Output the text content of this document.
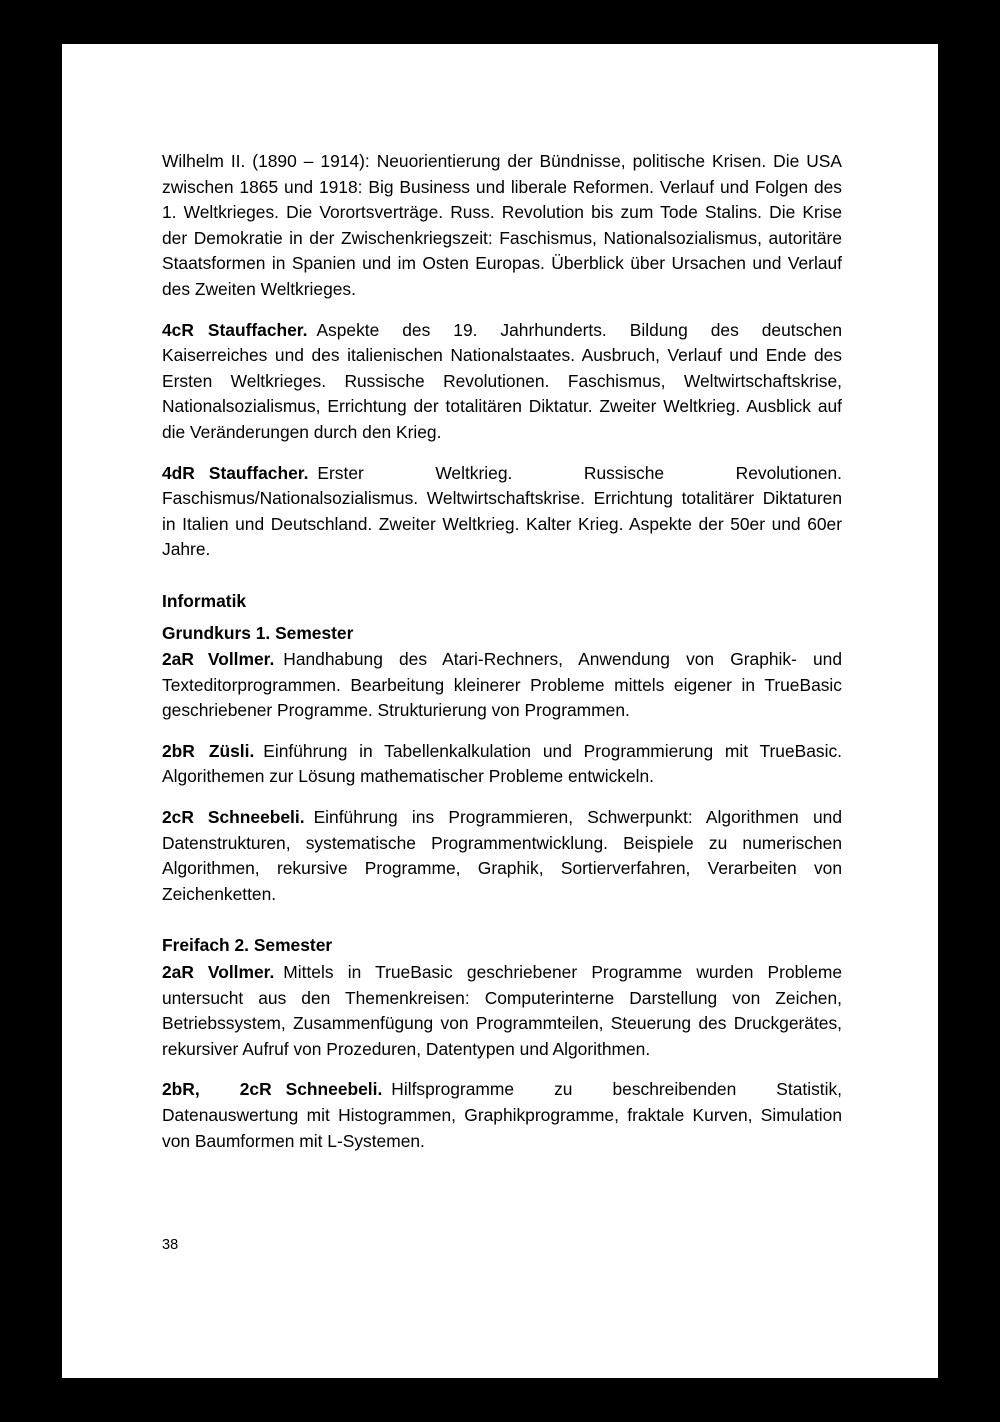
Wilhelm II. (1890 – 1914): Neuorientierung der Bündnisse, politische Krisen. Die USA zwischen 1865 und 1918: Big Business und liberale Reformen. Verlauf und Folgen des 1. Weltkrieges. Die Vorortsverträge. Russ. Revolution bis zum Tode Stalins. Die Krise der Demokratie in der Zwischenkriegszeit: Faschismus, Nationalsozialismus, autoritäre Staatsformen in Spanien und im Osten Europas. Überblick über Ursachen und Verlauf des Zweiten Weltkrieges.

4cR Stauffacher. Aspekte des 19. Jahrhunderts. Bildung des deutschen Kaiserreiches und des italienischen Nationalstaates. Ausbruch, Verlauf und Ende des Ersten Weltkrieges. Russische Revolutionen. Faschismus, Weltwirtschaftskrise, Nationalsozialismus, Errichtung der totalitären Diktatur. Zweiter Weltkrieg. Ausblick auf die Veränderungen durch den Krieg.

4dR Stauffacher. Erster Weltkrieg. Russische Revolutionen. Faschismus/Nationalsozialismus. Weltwirtschaftskrise. Errichtung totalitärer Diktaturen in Italien und Deutschland. Zweiter Weltkrieg. Kalter Krieg. Aspekte der 50er und 60er Jahre.

Informatik
Grundkurs 1. Semester

2aR Vollmer. Handhabung des Atari-Rechners, Anwendung von Graphik- und Texteditorprogrammen. Bearbeitung kleinerer Probleme mittels eigener in TrueBasic geschriebener Programme. Strukturierung von Programmen.

2bR Züsli. Einführung in Tabellenkalkulation und Programmierung mit TrueBasic. Algorithemen zur Lösung mathematischer Probleme entwickeln.

2cR Schneebeli. Einführung ins Programmieren, Schwerpunkt: Algorithmen und Datenstrukturen, systematische Programmentwicklung. Beispiele zu numerischen Algorithmen, rekursive Programme, Graphik, Sortierverfahren, Verarbeiten von Zeichenketten.

Freifach 2. Semester

2aR Vollmer. Mittels in TrueBasic geschriebener Programme wurden Probleme untersucht aus den Themenkreisen: Computerinterne Darstellung von Zeichen, Betriebssystem, Zusammenfügung von Programmteilen, Steuerung des Druckgerätes, rekursiver Aufruf von Prozeduren, Datentypen und Algorithmen.

2bR, 2cR Schneebeli. Hilfsprogramme zu beschreibenden Statistik, Datenauswertung mit Histogrammen, Graphikprogramme, fraktale Kurven, Simulation von Baumformen mit L-Systemen.

38
